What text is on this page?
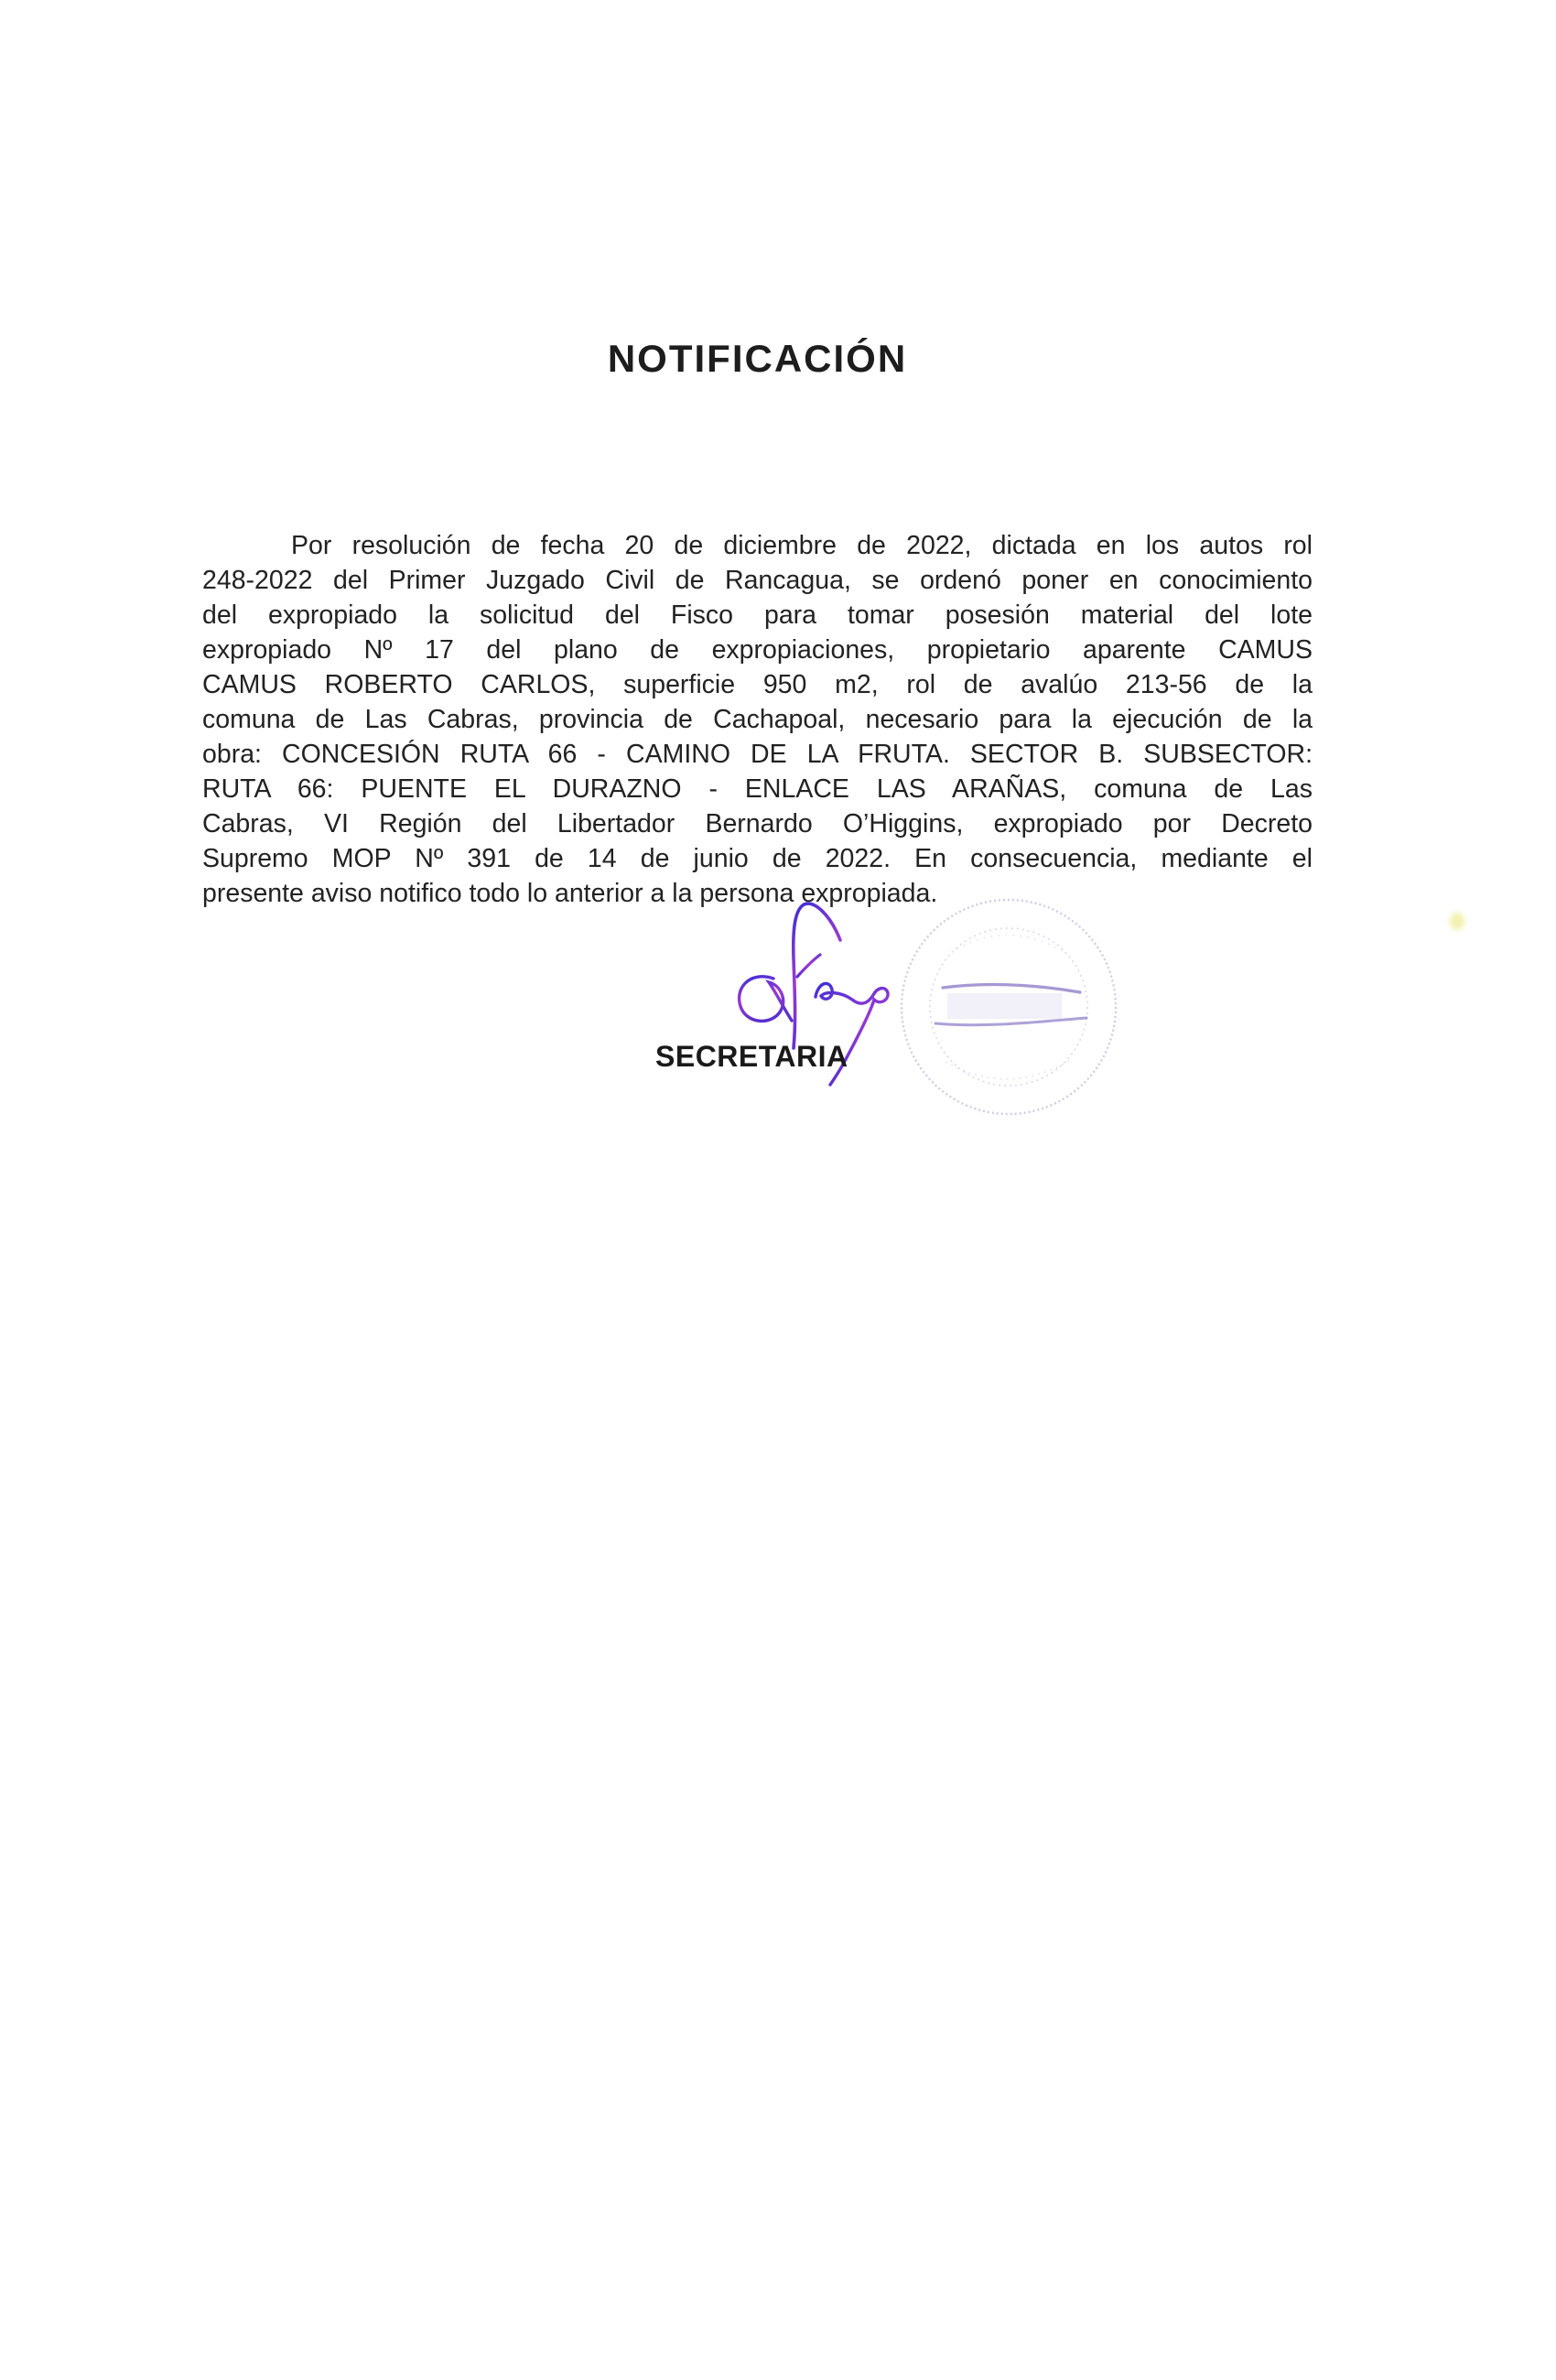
NOTIFICACIÓN
Por resolución de fecha 20 de diciembre de 2022, dictada en los autos rol
248-2022 del Primer Juzgado Civil de Rancagua, se ordenó poner en conocimiento
del expropiado la solicitud del Fisco para tomar posesión material del lote
expropiado Nº 17 del plano de expropiaciones, propietario aparente CAMUS
CAMUS ROBERTO CARLOS, superficie 950 m2, rol de avalúo 213-56 de la
comuna de Las Cabras, provincia de Cachapoal, necesario para la ejecución de la
obra: CONCESIÓN RUTA 66 - CAMINO DE LA FRUTA. SECTOR B. SUBSECTOR:
RUTA 66: PUENTE EL DURAZNO - ENLACE LAS ARAÑAS, comuna de Las
Cabras, VI Región del Libertador Bernardo O’Higgins, expropiado por Decreto
Supremo MOP Nº 391 de 14 de junio de 2022. En consecuencia, mediante el
presente aviso notifico todo lo anterior a la persona expropiada.
SECRETARIA
